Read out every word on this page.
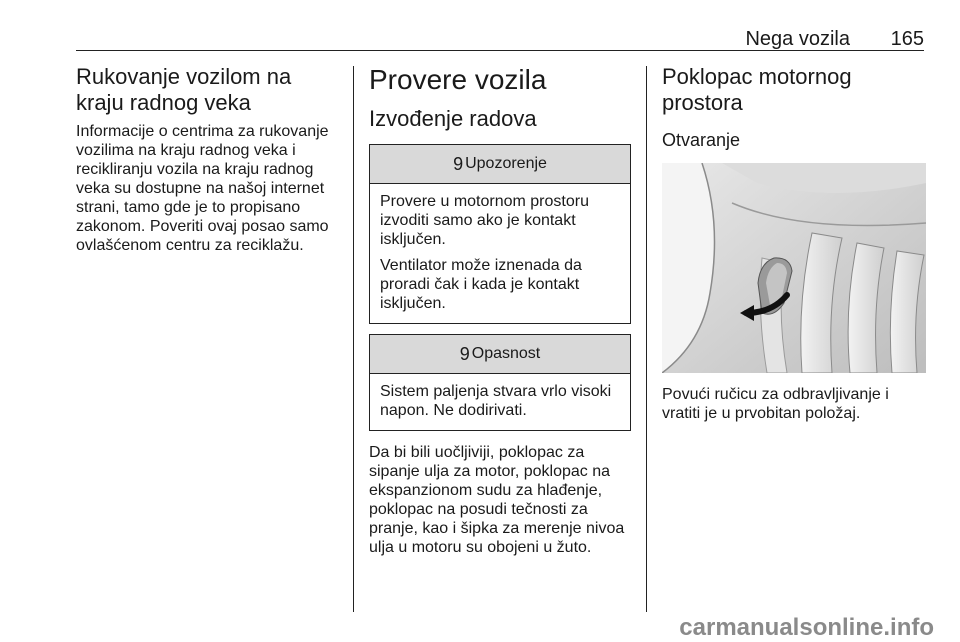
Nega vozila 165
Rukovanje vozilom na kraju radnog veka

Informacije o centrima za rukovanje vozilima na kraju radnog veka i recikliranju vozila na kraju radnog veka su dostupne na našoj internet strani, tamo gde je to propisano zakonom. Poveriti ovaj posao samo ovlašćenom centru za reciklažu.

Provere vozila
Izvođenje radova
9 Upozorenje

Provere u motornom prostoru izvoditi samo ako je kontakt isključen.

Ventilator može iznenada da proradi čak i kada je kontakt isključen.

9 Opasnost

Sistem paljenja stvara vrlo visoki napon. Ne dodirivati.

Da bi bili uočljiviji, poklopac za sipanje ulja za motor, poklopac na ekspanzionom sudu za hlađenje, poklopac na posudi tečnosti za pranje, kao i šipka za merenje nivoa ulja u motoru su obojeni u žuto.

Poklopac motornog prostora
Otvaranje

Povući ručicu za odbravljivanje i vratiti je u prvobitan položaj.

carmanualsonline.info
